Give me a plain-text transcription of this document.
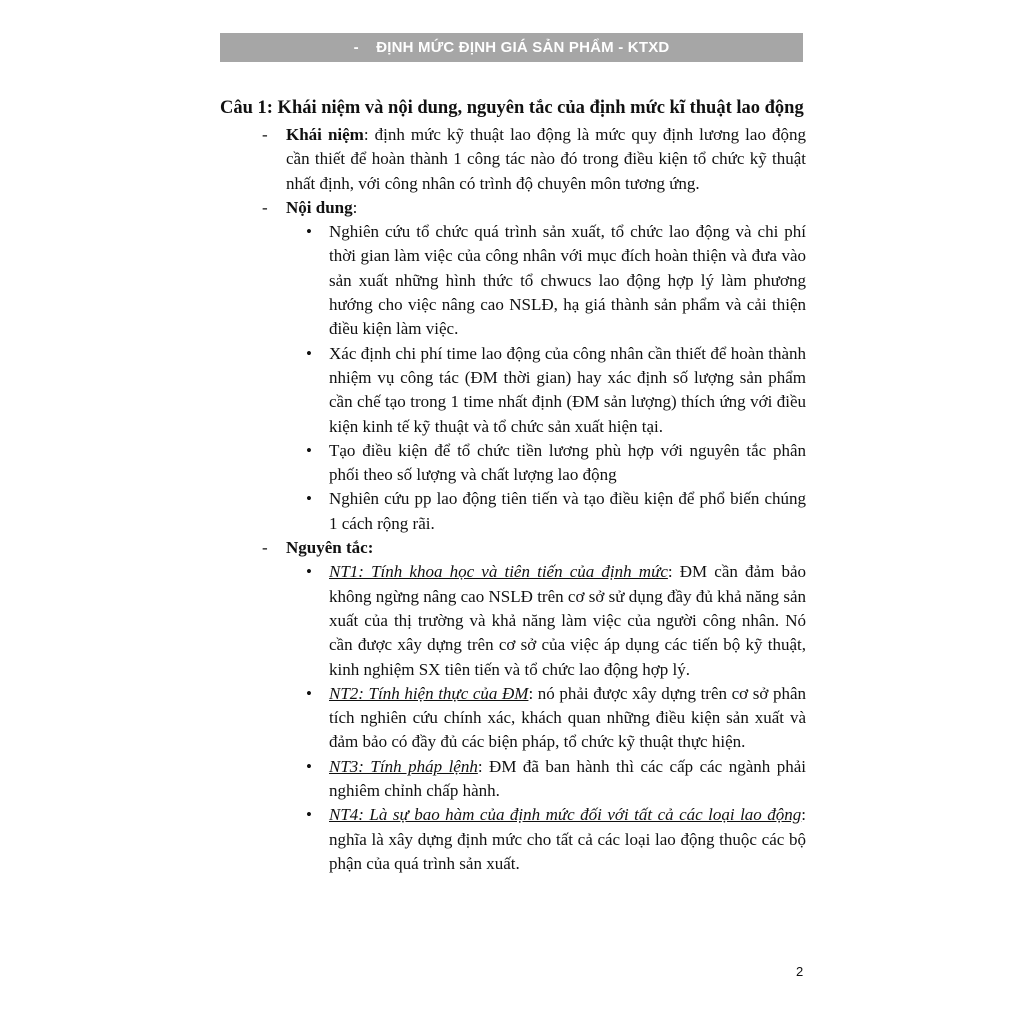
-    ĐỊNH MỨC ĐỊNH GIÁ SẢN PHẨM - KTXD
Câu 1: Khái niệm và nội dung, nguyên tắc của định mức kĩ thuật lao động
- Khái niệm: định mức kỹ thuật lao động là mức quy định lương lao động cần thiết để hoàn thành 1 công tác nào đó trong điều kiện tổ chức kỹ thuật nhất định, với công nhân có trình độ chuyên môn tương ứng.
- Nội dung:
• Nghiên cứu tổ chức quá trình sản xuất, tổ chức lao động và chi phí thời gian làm việc của công nhân với mục đích hoàn thiện và đưa vào sản xuất những hình thức tổ chwucs lao động hợp lý làm phương hướng cho việc nâng cao NSLĐ, hạ giá thành sản phẩm và cải thiện điều kiện làm việc.
• Xác định chi phí time lao động của công nhân cần thiết để hoàn thành nhiệm vụ công tác (ĐM thời gian) hay xác định số lượng sản phẩm cần chế tạo trong 1 time nhất định (ĐM sản lượng) thích ứng với điều kiện kinh tế kỹ thuật và tổ chức sản xuất hiện tại.
• Tạo điều kiện để tổ chức tiền lương phù hợp với nguyên tắc phân phối theo số lượng và chất lượng lao động
• Nghiên cứu pp lao động tiên tiến và tạo điều kiện để phổ biến chúng 1 cách rộng rãi.
- Nguyên tắc:
• NT1: Tính khoa học và tiên tiến của định mức: ĐM cần đảm bảo không ngừng nâng cao NSLĐ trên cơ sở sử dụng đầy đủ khả năng sản xuất của thị trường và khả năng làm việc của người công nhân. Nó cần được xây dựng trên cơ sở của việc áp dụng các tiến bộ kỹ thuật, kinh nghiệm SX tiên tiến và tổ chức lao động hợp lý.
• NT2: Tính hiện thực của ĐM: nó phải được xây dựng trên cơ sở phân tích nghiên cứu chính xác, khách quan những điều kiện sản xuất và đảm bảo có đầy đủ các biện pháp, tổ chức kỹ thuật thực hiện.
• NT3: Tính pháp lệnh: ĐM đã ban hành thì các cấp các ngành phải nghiêm chỉnh chấp hành.
• NT4: Là sự bao hàm của định mức đối với tất cả các loại lao động: nghĩa là xây dựng định mức cho tất cả các loại lao động thuộc các bộ phận của quá trình sản xuất.
2
